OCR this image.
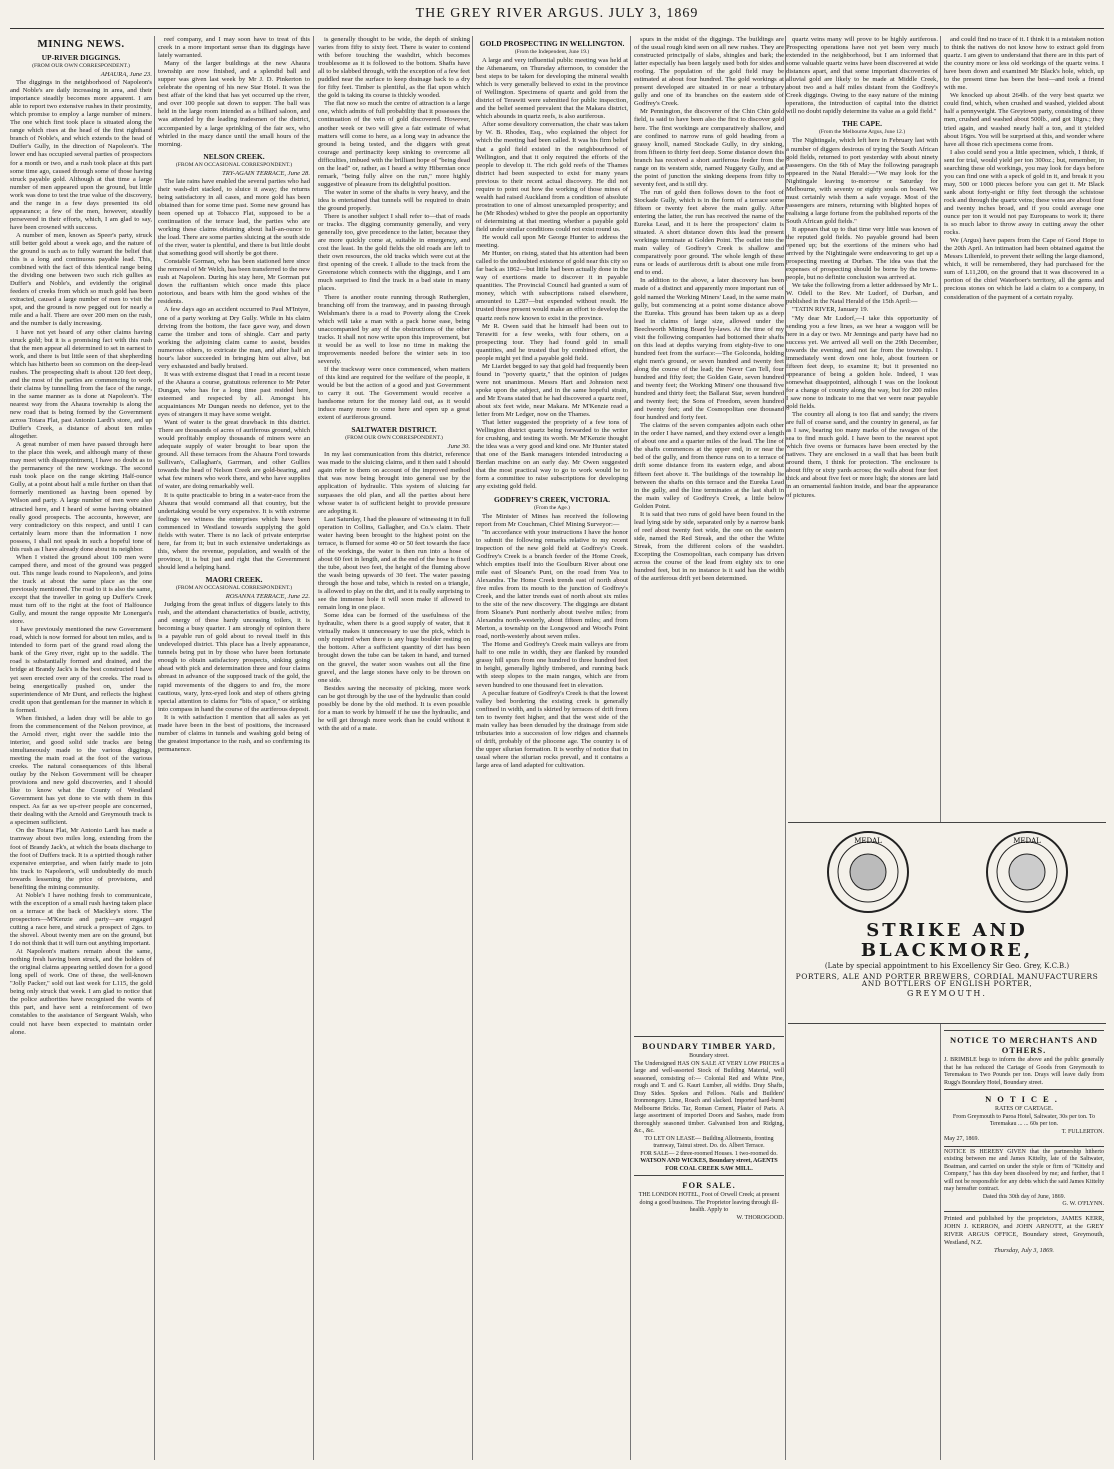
THE GREY RIVER ARGUS. JULY 3, 1869
MINING NEWS.
UP-RIVER DIGGINGS.
(FROM OUR OWN CORRESPONDENT.)

AHAURA, June 23.

The diggings in the neighborhood of Napoleon's and Noble's are daily increasing in area, and their importance steadily becomes more apparent. I am able to report two extensive rushes in their proximity, which promise to employ a large number of miners. The one which first took place is situated along the range which rises at the head of the first righthand branch of Noble's, and which extends to the head of Duffer's Gully, in the direction of Napoleon's. The lower end has occupied several parties of prospectors for a month or two, and a rush took place at this part some time ago, caused through some of those having struck payable gold. Although at that time a large number of men appeared upon the ground, but little work was done to test the true value of the discovery, and the range in a few days presented its old appearance; a few of the men, however, steadily persevered in their efforts, which, I am glad to say, have been crowned with success.

A number of men, known as Speer's party, struck still better gold about a week ago, and the nature of the ground is such as to fully warrant the belief that this is a long and continuous payable lead. This, combined with the fact of this identical range being the dividing one between two such rich gullies as Duffer's and Noble's, and evidently the original feeders of creeks from which so much gold has been extracted, caused a large number of men to visit the spot, and the ground is now pegged out for nearly a mile and a half. There are over 200 men on the rush, and the number is daily increasing.

I have not yet heard of any other claims having struck gold; but it is a promising fact with this rush that the men appear all determined to set in earnest to work, and there is but little seen of that shepherding which has hitherto been so common on the deep-lead rushes. The prospecting shaft is about 120 feet deep, and the most of the parties are commencing to work their claims by tunnelling from the face of the range, in the same manner as is done at Napoleon's. The nearest way from the Ahaura township is along the new road that is being formed by the Government across Totara Flat, past Antonio Lardi's store, and up Duffer's Creek, a distance of about ten miles altogether.

A great number of men have passed through here to the place this week, and although many of these may meet with disappointment, I have no doubt as to the permanency of the new workings. The second rush took place on the range skirting Half-ounce Gully, at a point about half a mile further on than that formerly mentioned as having been opened by Wilson and party. A large number of men were also attracted here, and I heard of some having obtained really good prospects. The accounts, however, are very contradictory on this respect, and until I can certainly learn more than the information I now possess, I shall not speak in such a hopeful tone of this rush as I have already done about its neighbor.

When I visited the ground about 100 men were camped there, and most of the ground was pegged out. This range leads round to Napoleon's, and joins the track at about the same place as the one previously mentioned. The road to it is also the same, except that the traveller in going up Duffer's Creek must turn off to the right at the foot of Halfounce Gully, and mount the range opposite Mr Lonergan's store.

I have previously mentioned the new Government road, which is now formed for about ten miles, and is intended to form part of the grand road along the bank of the Grey river, right up to the saddle. The road is substantially formed and drained, and the bridge at Brandy Jack's is the best constructed I have yet seen erected over any of the creeks. The road is being energetically pushed on, under the superintendence of Mr Dunt, and reflects the highest credit upon that gentleman for the manner in which it is formed.

When finished, a laden dray will be able to go from the commencement of the Nelson province, at the Arnold river, right over the saddle into the interior, and good solid side tracks are being simultaneously made to the various diggings, meeting the main road at the foot of the various creeks. The natural consequences of this liberal outlay by the Nelson Government will be cheaper provisions and new gold discoveries, and I should like to know what the County of Westland Government has yet done to vie with them in this respect. As far as we up-river people are concerned, their dealing with the Arnold and Greymouth track is a specimen sufficient.

On the Totara Flat, Mr Antonio Lardi has made a tramway about two miles long, extending from the foot of Brandy Jack's, at which the boats discharge to the foot of Duffers track. It is a spirited though rather expensive enterprise, and when fairly made to join his track to Napoleon's, will undoubtedly do much towards lessening the price of provisions, and benefiting the mining community.

At Noble's I have nothing fresh to communicate, with the exception of a small rush having taken place on a terrace at the back of Mackley's store. The prospectors—M'Kenzie and party—are engaged cutting a race here, and struck a prospect of 2grs. to the shovel. About twenty men are on the ground, but I do not think that it will turn out anything important.

At Napoleon's matters remain about the same, nothing fresh having been struck, and the holders of the original claims appearing settled down for a good long spell of work. One of these, the well-known "Jolly Packer," sold out last week for L115, the gold being only struck that week. I am glad to notice that the police authorities have recognised the wants of this part, and have sent a reinforcement of two constables to the assistance of Sergeant Walsh, who could not have been expected to maintain order alone.

reef company, and I may soon have to treat of this creek in a more important sense than its diggings have lately warranted.

Many of the larger buildings at the new Ahaura township are now finished, and a splendid ball and supper was given last week by Mr J. D. Pinkerton to celebrate the opening of his new Star Hotel. It was the best affair of the kind that has yet occurred up the river, and over 100 people sat down to supper. The ball was held in the large room intended as a billiard saloon, and was attended by the leading tradesmen of the district, accompanied by a large sprinkling of the fair sex, who whirled in the mazy dance until the small hours of the morning.

NELSON CREEK.
(FROM AN OCCASIONAL CORRESPONDENT.)

TRY-AGAIN TERRACE, June 28.

The late rains have enabled the several parties who had their wash-dirt stacked, to sluice it away; the returns being satisfactory in all cases, and more gold has been obtained than for some time past. Some new ground has been opened up at Tobacco Flat, supposed to be a continuation of the terrace lead, the parties who are working these claims obtaining about half-an-ounce to the load. There are some parties sluicing at the south side of the river, water is plentiful, and there is but little doubt that something good will shortly be got there.

Constable Gorman, who has been stationed here since the removal of Mr Welch, has been transferred to the new rush at Napoleon. During his stay here, Mr Gorman put down the ruffianism which once made this place notorious, and bears with him the good wishes of the residents.

A few days ago an accident occurred to Paul M'Intyre, one of a party working at Dry Gully. While in his claim driving from the bottom, the face gave way, and down came the timber and tons of shingle. Carr and party working the adjoining claim came to assist, besides numerous others, to extricate the man, and after half an hour's labor succeeded in bringing him out alive, but very exhausted and badly bruised.

It was with extreme disgust that I read in a recent issue of the Ahaura a course, gratuitous reference to Mr Peter Dungan, who has for a long time past resided here, esteemed and respected by all. Amongst his acquaintances Mr Dungan needs no defence, yet to the eyes of strangers it may have some weight.

Want of water is the great drawback in this district. There are thousands of acres of auriferous ground, which would profitably employ thousands of miners were an adequate supply of water brought to bear upon the ground. All these terraces from the Ahaura Ford towards Sullivan's, Callaghan's, Garrman, and other Gullies towards the head of Nelson Creek are gold-bearing, and what few miners who work there, and who have supplies of water, are doing remarkably well.

It is quite practicable to bring in a water-race from the Ahaura that would command all that country, but the undertaking would be very expensive. It is with extreme feelings we witness the enterprises which have been commenced in Westland towards supplying the gold fields with water. There is no lack of private enterprise here, far from it; but in such extensive undertakings as this, where the revenue, population, and wealth of the province, it is but just and right that the Government should lend a helping hand.

MAORI CREEK.
(FROM AN OCCASIONAL CORRESPONDENT.)

ROSANNA TERRACE, June 22.

Judging from the great influx of diggers lately to this rush, and the attendant characteristics of bustle, activity, and energy of these hardy unceasing toilers, it is becoming a busy quarter. I am strongly of opinion there is a payable run of gold about to reveal itself in this undeveloped district. This place has a lively appearance, tunnels being put in by those who have been fortunate enough to obtain satisfactory prospects, sinking going ahead with pick and determination three and four claims abreast in advance of the supposed track of the gold, the rapid movements of the diggers to and fro, the more cautious, wary, lynx-eyed look and step of others giving special attention to claims for "bits of space," or striking into compass in hand the course of the auriferous deposit.

It is with satisfaction I mention that all sales as yet made have been in the best of positions, the increased number of claims in tunnels and washing gold being of the greatest importance to the rush, and so confirming its permanence.

is generally thought to be wide, the depth of sinking varies from fifty to sixty feet. There is water to contend with before touching the washdirt, which becomes troublesome as it is followed to the bottom. Shafts have all to be slabbed through, with the exception of a few feet puddled near the surface to keep drainage back to a dry for fifty feet. Timber is plentiful, as the flat upon which the gold is taking its course is thickly wooded.

The flat now so much the centre of attraction is a large one, which admits of full probability that it possesses the continuation of the vein of gold discovered. However, another week or two will give a fair estimate of what matters will come to here, as a long way in advance the ground is being tested, and the diggers with great courage and pertinacity keep sinking to overcome all difficulties, imbued with the brilliant hope of "being dead on the lead" or, rather, as I heard a witty Hibernian once remark, "being fully alive on the run," more highly suggestive of pleasure from its delightful position.

The water in some of the shafts is very heavy, and the idea is entertained that tunnels will be required to drain the ground properly.

There is another subject I shall refer to—that of roads or tracks. The digging community generally, and very generally too, give precedence to the latter, because they are more quickly come at, suitable in emergency, and cost the least. In the gold fields the old roads are left to their own resources, the old tracks which were cut at the first opening of the creek. I allude to the track from the Greenstone which connects with the diggings, and I am much surprised to find the track in a bad state in many places.

There is another route running through Rutherglen, branching off from the tramway, and in passing through Welshman's there is a road to Poverty along the Creek which will take a man with a pack horse ease, being unaccompanied by any of the obstructions of the other tracks. It shall not now write upon this improvement, but it would be as well to lose no time in making the improvements needed before the winter sets in too severely.

If the trackway were once commenced, when matters of this kind are required for the welfare of the people, it would be but the action of a good and just Government to carry it out. The Government would receive a handsome return for the money laid out, as it would induce many more to come here and open up a great extent of auriferous ground.

SALTWATER DISTRICT.
(FROM OUR OWN CORRESPONDENT.)

June 30.

In my last communication from this district, reference was made to the sluicing claims, and it then said I should again refer to them on account of the improved method that was now being brought into general use by the application of hydraulic. This system of sluicing far surpasses the old plan, and all the parties about here whose water is of sufficient height to provide pressure are adopting it.

Last Saturday, I had the pleasure of witnessing it in full operation in Collins, Gallagher, and Co.'s claim. Their water having been brought to the highest point on the terrace, is flumed for some 40 or 50 feet towards the face of the workings, the water is then run into a hose of about 60 feet in length, and at the end of the hose is fixed the tube, about two feet, the height of the fluming above the wash being upwards of 30 feet. The water passing through the hose and tube, which is rested on a triangle, is allowed to play on the dirt, and it is really surprising to see the immense hole it will soon make if allowed to remain long in one place.

Some idea can be formed of the usefulness of the hydraulic, when there is a good supply of water, that it virtually makes it unnecessary to use the pick, which is only required when there is any huge boulder resting on the bottom. After a sufficient quantity of dirt has been brought down the tube can be taken in hand, and turned on the gravel, the water soon washes out all the fine gravel, and the large stones have only to be thrown on one side.

Besides saving the necessity of picking, more work can be got through by the use of the hydraulic than could possibly be done by the old method. It is even possible for a man to work by himself if he use the hydraulic, and he will get through more work than he could without it with the aid of a mate.

GOLD PROSPECTING IN WELLINGTON.
(From the Independent, June 19.)

A large and very influential public meeting was held at the Athenaeum, on Thursday afternoon, to consider the best steps to be taken for developing the mineral wealth which is very generally believed to exist in the province of Wellington. Specimens of quartz and gold from the district of Terawiti were submitted for public inspection, and the belief seemed prevalent that the Makara district, which abounds in quartz reefs, is also auriferous.

After some desultory conversation, the chair was taken by W. B. Rhodes, Esq., who explained the object for which the meeting had been called. It was his firm belief that a gold field existed in the neighbourhood of Wellington, and that it only required the efforts of the people to develop it. The rich gold reefs of the Thames district had been suspected to exist for many years previous to their recent actual discovery. He did not require to point out how the working of those mines of wealth had raised Auckland from a condition of absolute prostration to one of almost unexampled prosperity; and he (Mr Rhodes) wished to give the people an opportunity of determining at that meeting whether a payable gold field under similar conditions could not exist round us.

He would call upon Mr George Hunter to address the meeting.

Mr Hunter, on rising, stated that his attention had been called to the undoubted existence of gold near this city so far back as 1862—but little had been actually done in the way of exertions made to discover it in payable quantities. The Provincial Council had granted a sum of money, which with subscriptions raised elsewhere, amounted to L287—but expended without result. He trusted those present would make an effort to develop the quartz reefs now known to exist in the province.

Mr R. Owen said that he himself had been out to Terawiti for a few weeks, with four others, on a prospecting tour. They had found gold in small quantities, and he trusted that by combined effort, the people might yet find a payable gold field.

Mr Liardet begged to say that gold had frequently been found in "poverty quartz," that the opinion of judges were not unanimous. Messrs Hart and Johnston next spoke upon the subject, and in the same hopeful strain, and Mr Evans stated that he had discovered a quartz reef, about six feet wide, near Makara. Mr M'Kenzie read a letter from Mr Ledger, now on the Thames.

That letter suggested the propriety of a few tons of Wellington district quartz being forwarded to the writer for crushing, and testing its worth. Mr M'Kenzie thought the idea was a very good and kind one. Mr Hunter stated that one of the Bank managers intended introducing a Berdan machine on an early day. Mr Owen suggested that the most practical way to go to work would be to form a committee to raise subscriptions for developing any existing gold field.

GODFREY'S CREEK, VICTORIA.
(From the Age.)

The Minister of Mines has received the following report from Mr Couchman, Chief Mining Surveyor:—

"In accordance with your instructions I have the honor to submit the following remarks relative to my recent inspection of the new gold field at Godfrey's Creek. Godfrey's Creek is a branch feeder of the Home Creek, which empties itself into the Goulburn River about one mile east of Sloane's Punt, on the road from Yea to Alexandra. The Home Creek trends east of north about five miles from its mouth to the junction of Godfrey's Creek, and the latter trends east of north about six miles to the site of the new discovery. The diggings are distant from Sloane's Punt northerly about twelve miles; from Alexandra north-westerly, about fifteen miles; and from Merton, a township on the Longwood and Wood's Point road, north-westerly about seven miles.

The Home and Godfrey's Creek main valleys are from half to one mile in width, they are flanked by rounded grassy hill spurs from one hundred to three hundred feet in height, generally lightly timbered, and running back with steep slopes to the main ranges, which are from seven hundred to one thousand feet in elevation.

A peculiar feature of Godfrey's Creek is that the lowest valley bed bordering the existing creek is generally confined in width, and is skirted by terraces of drift from ten to twenty feet higher, and that the west side of the main valley has been denuded by the drainage from side tributaries into a succession of low ridges and channels of drift, probably of the pliocene age. The country is of the upper silurian formation. It is worthy of notice that in usual where the silurian rocks prevail, and it contains a large area of land adapted for cultivation.

spurs in the midst of the diggings. The buildings are of the usual rough kind seen on all new rushes. They are constructed principally of slabs, shingles and bark; the latter especially has been largely used both for sides and roofing. The population of the gold field may be estimated at about four hundred. The gold workings at present developed are situated in or near a tributary gully and one of its branches on the eastern side of Godfrey's Creek.

Mr Pennington, the discoverer of the Chin Chin gold field, is said to have been also the first to discover gold here. The first workings are comparatively shallow, and are confined to narrow runs of gold heading from a grassy knoll, named Stockade Gully, in dry sinking, from fifteen to thirty feet deep. Some distance down this branch has received a short auriferous feeder from the range on its western side, named Nuggety Gully, and at the point of junction the sinking deepens from fifty to seventy feet, and is still dry.

The run of gold then follows down to the foot of Stockade Gully, which is in the form of a terrace some fifteen or twenty feet above the main gully. After entering the latter, the run has received the name of the Eureka Lead, and it is here the prospectors' claim is situated. A short distance down this lead the present workings terminate at Golden Point. The outlet into the main valley of Godfrey's Creek is shallow and comparatively poor ground. The whole length of these runs or leads of auriferous drift is about one mile from end to end.

In addition to the above, a later discovery has been made of a distinct and apparently more important run of gold named the Working Miners' Lead, in the same main gully, but commencing at a point some distance above the Eureka. This ground has been taken up as a deep lead in claims of large size, allowed under the Beechworth Mining Board by-laws. At the time of my visit the following companies had bottomed their shafts on this lead at depths varying from eighty-five to one hundred feet from the surface:—The Golconda, holding eight men's ground, or seven hundred and twenty feet along the course of the lead; the Never Can Tell, four hundred and fifty feet; the Golden Gate, seven hundred and twenty feet; the Working Miners' one thousand five hundred and thirty feet; the Ballarat Star, seven hundred and twenty feet; the Sons of Freedom, seven hundred and twenty feet; and the Cosmopolitan one thousand four hundred and forty feet.

The claims of the seven companies adjoin each other in the order I have named, and they extend over a length of about one and a quarter miles of the lead. The line of the shafts commences at the upper end, in or near the bed of the gully, and from thence runs on to a terrace of drift some distance from its eastern edge, and about fifteen feet above it. The buildings of the township lie between the shafts on this terrace and the Eureka Lead in the gully, and the line terminates at the last shaft in the main valley of Godfrey's Creek, a little below Golden Point.

It is said that two runs of gold have been found in the lead lying side by side, separated only by a narrow bank of reef about twenty feet wide, the one on the eastern side, named the Red Streak, and the other the White Streak, from the different colors of the washdirt. Excepting the Cosmopolitan, each company has driven across the course of the lead from eighty six to one hundred feet, but in no instance is it said has the width of the auriferous drift yet been determined.

BOUNDARY TIMBER YARD,
Boundary street.
The Undersigned HAS ON SALE AT VERY LOW PRICES a large and well-assorted Stock of Building Material, well seasoned, consisting of:— Colonial Red and White Pine, rough and T. and G. Kauri Lumber, all widths. Dray Shafts, Dray Sides. Spokes and Felloes. Nails and Builders' Ironmongery. Lime, Roach and slacked. Imported hard-burnt Melbourne Bricks. Tar, Roman Cement, Plaster of Paris. A large assortment of imported Doors and Sashes, made from thoroughly seasoned timber. Galvanised Iron and Ridging, &c., &c.
TO LET ON LEASE— Building Allotments, fronting tramway, Tainui street. Do. do. Albert Terrace.
FOR SALE— 2 three-roomed Houses. 1 two-roomed do.
WATSON AND WICKES, Boundary street, AGENTS FOR COAL CREEK SAW MILL.
FOR SALE.
THE LONDON HOTEL, Foot of Orwell Creek; at present doing a good business. The Proprietor leaving through ill-health. Apply to
W. THOROGOOD.

quartz veins many will prove to be highly auriferous. Prospecting operations have not yet been very much extended in the neighborhood, but I am informed that some valuable quartz veins have been discovered at wide distances apart, and that some important discoveries of alluvial gold are likely to be made at Middle Creek, about two and a half miles distant from the Godfrey's Creek diggings. Owing to the easy nature of the mining operations, the introduction of capital into the district will no doubt rapidly determine its value as a gold field."

THE CAPE.
(From the Melbourne Argus, June 12.)

The Nightingale, which left here in February last with a number of diggers desirous of trying the South African gold fields, returned to port yesterday with about ninety passengers. On the 6th of May the following paragraph appeared in the Natal Herald:—"We may look for the Nightingale leaving to-morrow or Saturday for Melbourne, with seventy or eighty souls on board. We must certainly wish them a safe voyage. Most of the passengers are miners, returning with blighted hopes of realising a large fortune from the published reports of the South African gold fields."

It appears that up to that time very little was known of the reputed gold fields. No payable ground had been opened up; but the exertions of the miners who had arrived by the Nightingale were endeavoring to get up a prospecting meeting at Durban. The idea was that the expenses of prospecting should be borne by the towns-people, but no definite conclusion was arrived at.

We take the following from a letter addressed by Mr L. W. Odell to the Rev. Mr Ludorf, of Durban, and published in the Natal Herald of the 15th April:—

"TATIN RIVER, January 19.

"My dear Mr Ludorf,—I take this opportunity of sending you a few lines, as we hear a waggon will be here in a day or two. Mr Jennings and party have had no success yet. We arrived all well on the 29th December, towards the evening, and not far from the township. I immediately went down one hole, about fourteen or fifteen feet deep, to examine it; but it presented no appearance of being a golden hole. Indeed, I was somewhat disappointed, although I was on the lookout for a change of country along the way, but for 200 miles I saw none to indicate to me that we were near payable gold fields.

The country all along is too flat and sandy; the rivers are full of coarse sand, and the country in general, as far as I saw, bearing too many marks of the ravages of the sea to find much gold. I have been to the nearest spot which five ovens or furnaces have been erected by the natives. They are enclosed in a wall that has been built around them, I think for protection. The enclosure is about fifty or sixty yards across; the walls about four feet thick and about five feet or more high; the stones are laid in an ornamental fashion inside, and bear the appearance of pictures.

and could find no trace of it. I think it is a mistaken notion to think the natives do not know how to extract gold from quartz. I am given to understand that there are in this part of the country more or less old workings of the quartz veins. I have been down and examined Mr Black's hole, which, up to the present time has been the best—and took a friend with me.

We knocked up about 264lb. of the very best quartz we could find, which, when crushed and washed, yielded about half a pennyweight. The Greytown party, consisting of three men, crushed and washed about 500lb., and got 18grs.; they tried again, and washed nearly half a ton, and it yielded about 16grs. You will be surprised at this, and wonder where have all those rich specimens come from.

I also could send you a little specimen, which, I think, if sent for trial, would yield per ton 300oz.; but, remember, in searching these old workings, you may look for days before you can find one with a speck of gold in it, and break it you may, 500 or 1000 pieces before you can get it. Mr Black sank about forty-eight or fifty feet through the schistose rock and through the quartz veins; these veins are about four and twenty inches broad, and if you could average one ounce per ton it would not pay Europeans to work it; there is so much labor to throw away in cutting away the other rocks.

We (Argus) have papers from the Cape of Good Hope to the 20th April. An intimation had been obtained against the Messrs Lilienfeld, to prevent their selling the large diamond, which, it will be remembered, they had purchased for the sum of L11,200, on the ground that it was discovered in a portion of the chief Waterboer's territory, all the gems and precious stones on which he laid a claim to a company, in consideration of the payment of a certain royalty.

MEDAL	MEDAL
STRIKE AND BLACKMORE,
(Late by special appointment to his Excellency Sir Geo. Grey, K.C.B.)
PORTERS, ALE AND PORTER BREWERS, CORDIAL MANUFACTURERS AND BOTTLERS OF ENGLISH PORTER,
GREYMOUTH.
NOTICE TO MERCHANTS AND OTHERS.
J. BRIMBLE begs to inform the above and the public generally that he has reduced the Cartage of Goods from Greymouth to Teremakau to Two Pounds per ton. Drays will leave daily from Rugg's Boundary Hotel, Boundary street.
NOTICE.
RATES OF CARTAGE.
From Greymouth to Paroa Hotel, Saltwater, 30s per ton. To Teremakau ... ... 60s per ton.
T. FULLERTON.
May 27, 1869.
NOTICE IS HEREBY GIVEN that the partnership hitherto existing between me and James Kittelty, late of the Saltwater, Boatman, and carried on under the style or firm of "Kittelty and Company," has this day been dissolved by me; and further, that I will not be responsible for any debts which the said James Kittelty may hereafter contract.
Dated this 30th day of June, 1869.
G. W. O'FLYNN.
Printed and published by the proprietors, JAMES KERR, JOHN J. KERRON, and JOHN ARNOTT, at the GREY RIVER ARGUS OFFICE, Boundary street, Greymouth, Westland, N.Z.
Thursday, July 3, 1869.
